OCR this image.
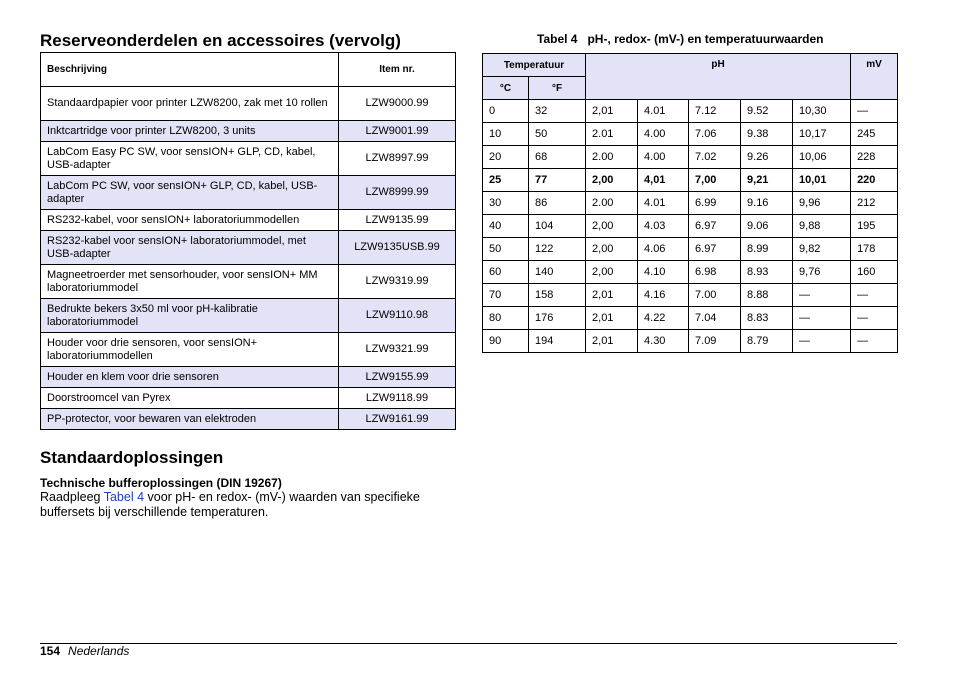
Reserveonderdelen en accessoires (vervolg)
Beschrijving	Item nr.
Standaardpapier voor printer LZW8200, zak met 10 rollen	LZW9000.99
Inktcartridge voor printer LZW8200, 3 units	LZW9001.99
LabCom Easy PC SW, voor sensION+ GLP, CD, kabel, USB-adapter	LZW8997.99
LabCom PC SW, voor sensION+ GLP, CD, kabel, USB-adapter	LZW8999.99
RS232-kabel, voor sensION+ laboratoriummodellen	LZW9135.99
RS232-kabel voor sensION+ laboratoriummodel, met USB-adapter	LZW9135USB.99
Magneetroerder met sensorhouder, voor sensION+ MM laboratoriummodel	LZW9319.99
Bedrukte bekers 3x50 ml voor pH-kalibratie laboratoriummodel	LZW9110.98
Houder voor drie sensoren, voor sensION+ laboratoriummodellen	LZW9321.99
Houder en klem voor drie sensoren	LZW9155.99
Doorstroomcel van Pyrex	LZW9118.99
PP-protector, voor bewaren van elektroden	LZW9161.99
Tabel 4 pH-, redox- (mV-) en temperatuurwaarden
Temperatuur		pH					mV
°C	°F						
0	32	2,01	4.01	7.12	9.52	10,30	—
10	50	2.01	4.00	7.06	9.38	10,17	245
20	68	2.00	4.00	7.02	9.26	10,06	228
25	77	2,00	4,01	7,00	9,21	10,01	220
30	86	2.00	4.01	6.99	9.16	9,96	212
40	104	2,00	4.03	6.97	9.06	9,88	195
50	122	2,00	4.06	6.97	8.99	9,82	178
60	140	2,00	4.10	6.98	8.93	9,76	160
70	158	2,01	4.16	7.00	8.88	—	—
80	176	2,01	4.22	7.04	8.83	—	—
90	194	2,01	4.30	7.09	8.79	—	—
Standaardoplossingen
Technische bufferoplossingen (DIN 19267)
Raadpleeg Tabel 4 voor pH- en redox- (mV-) waarden van specifieke buffersets bij verschillende temperaturen.
154 Nederlands
